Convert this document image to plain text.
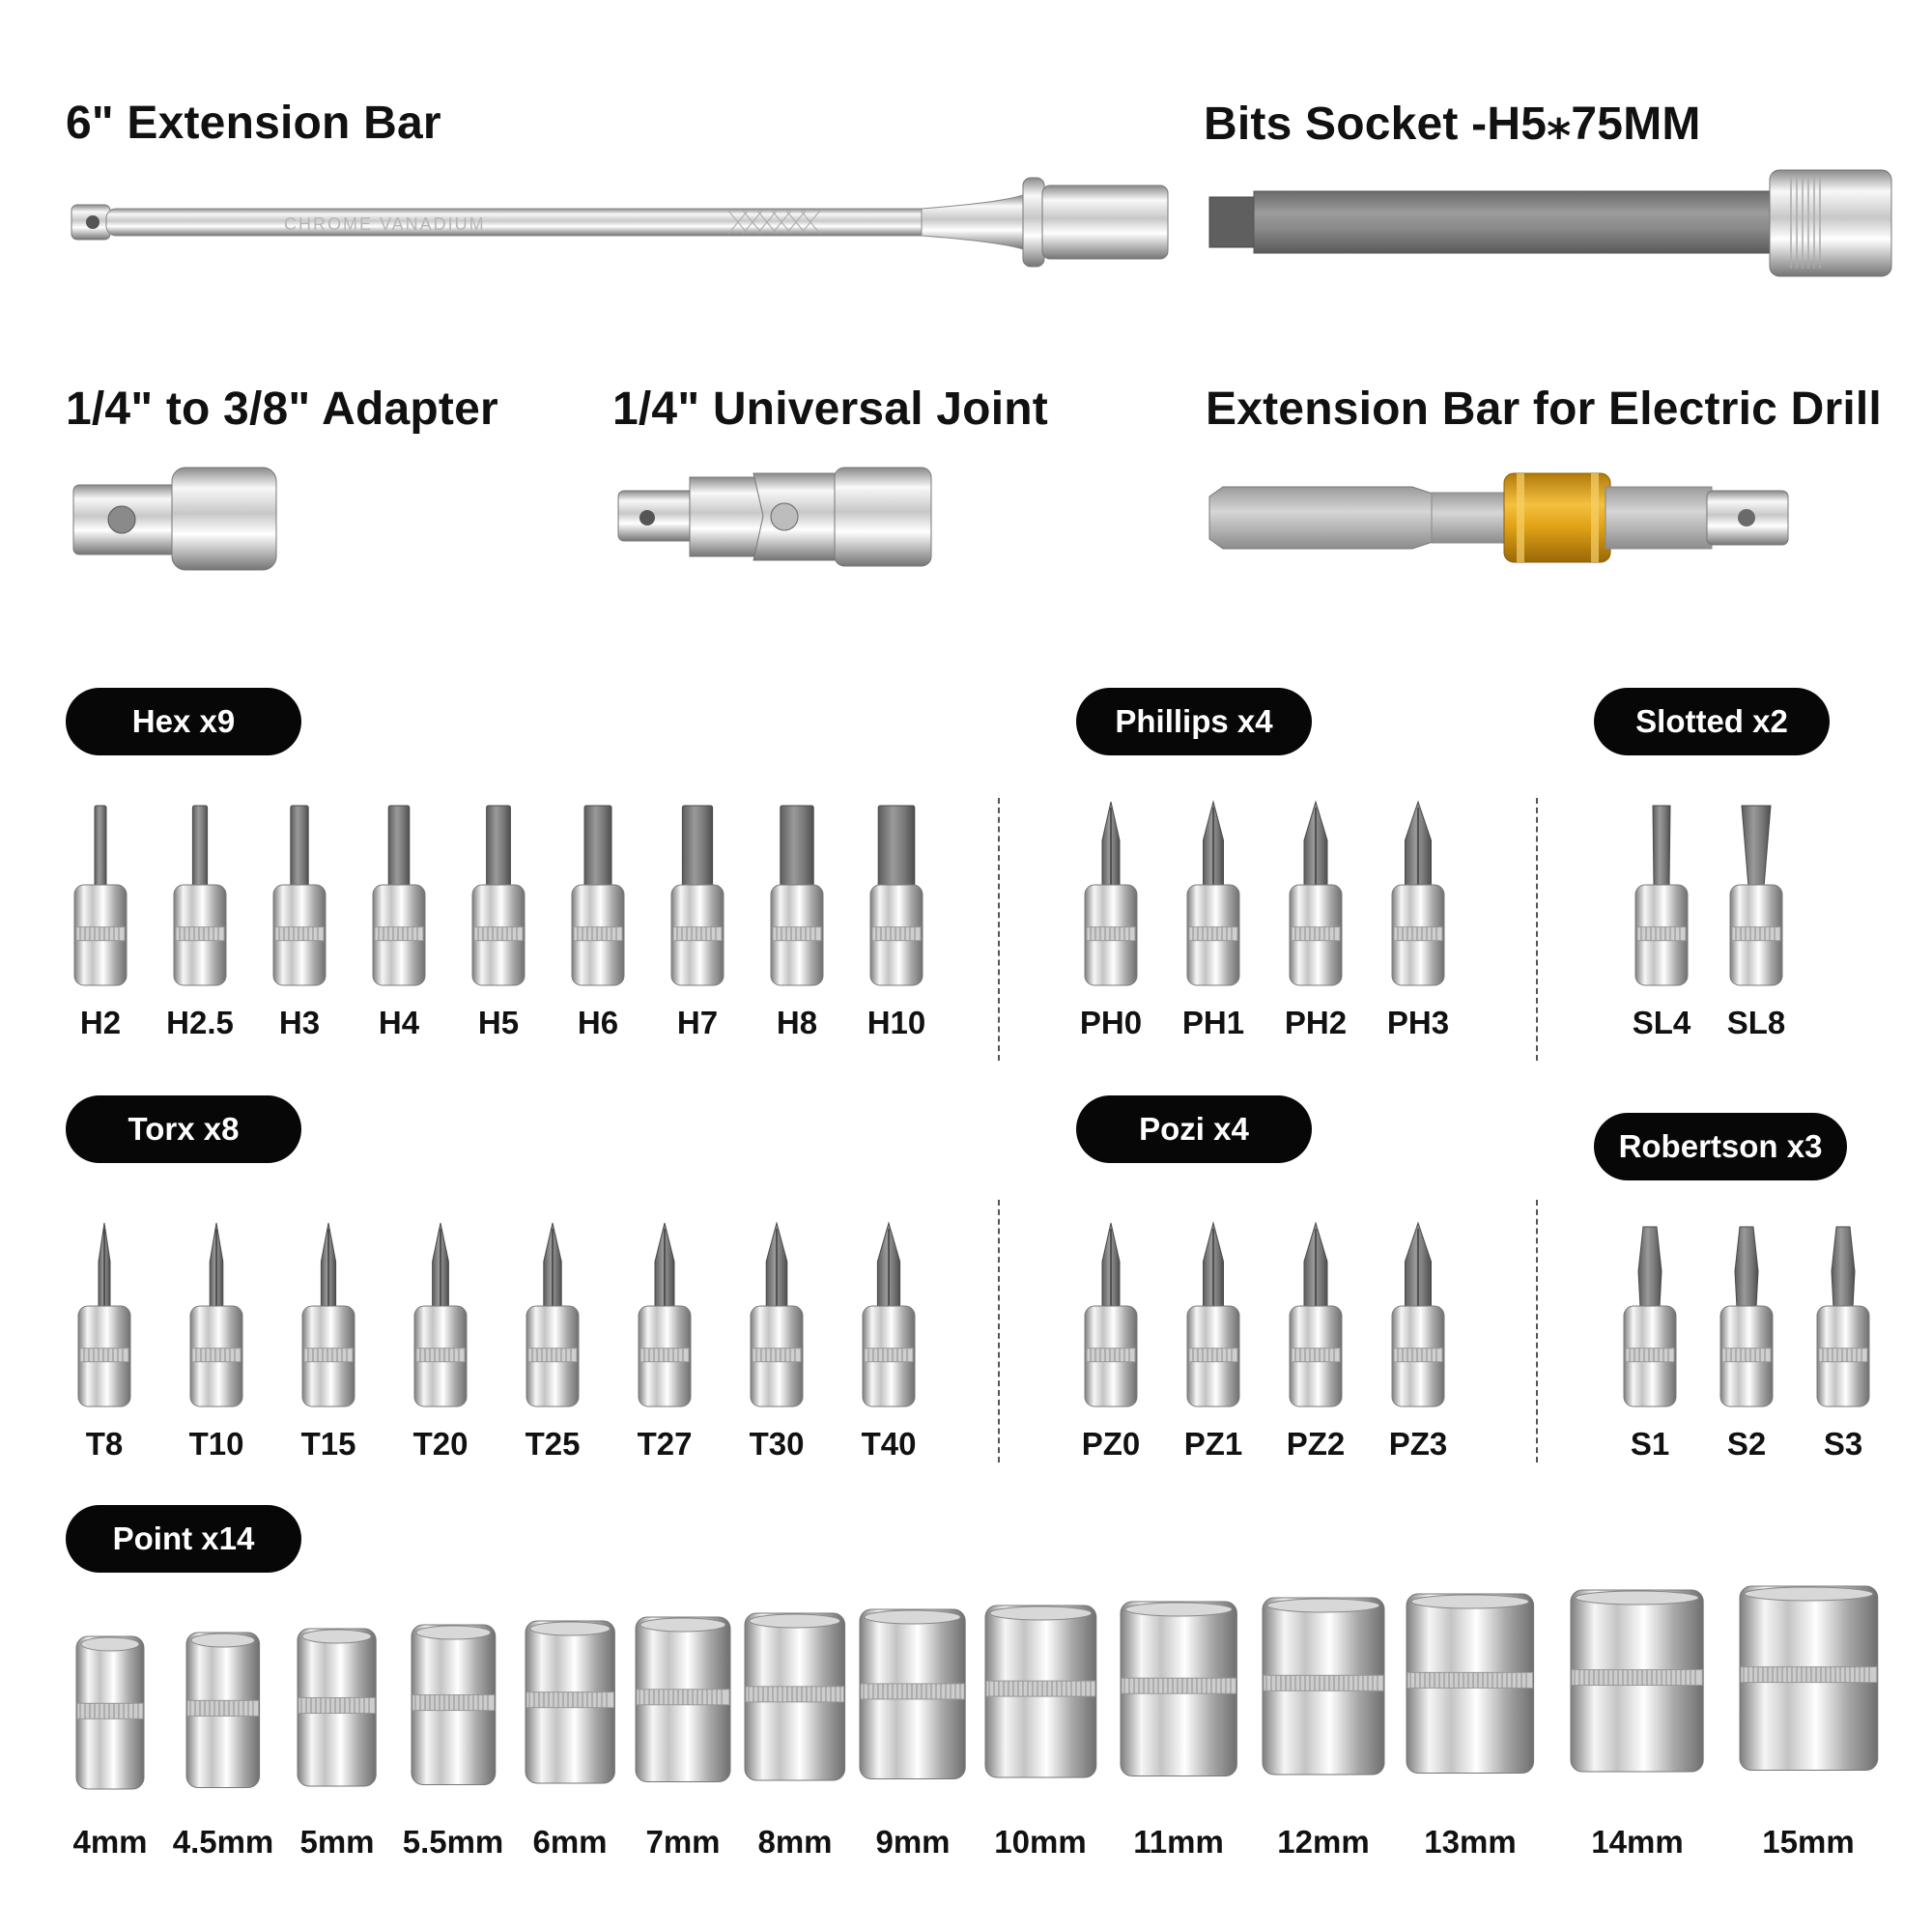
6" Extension Bar	Bits Socket -H5⁎75MM
1/4" to 3/8" Adapter 1/4" Universal Joint	Extension Bar for Electric Drill
CHROME VANADIUM
Hex x9	Phillips x4	Slotted x2
Torx x8	Pozi x4	Robertson x3
Point x14
H2 H2.5 H3 H4 H5 H6 H7 H8 H10	PH0 PH1 PH2 PH3	SL4 SL8
T8 T10 T15 T20 T25 T27 T30 T40	PZ0 PZ1 PZ2 PZ3	S1 S2 S3
4mm 4.5mm 5mm 5.5mm 6mm 7mm 8mm 9mm 10mm 11mm 12mm 13mm 14mm 15mm
